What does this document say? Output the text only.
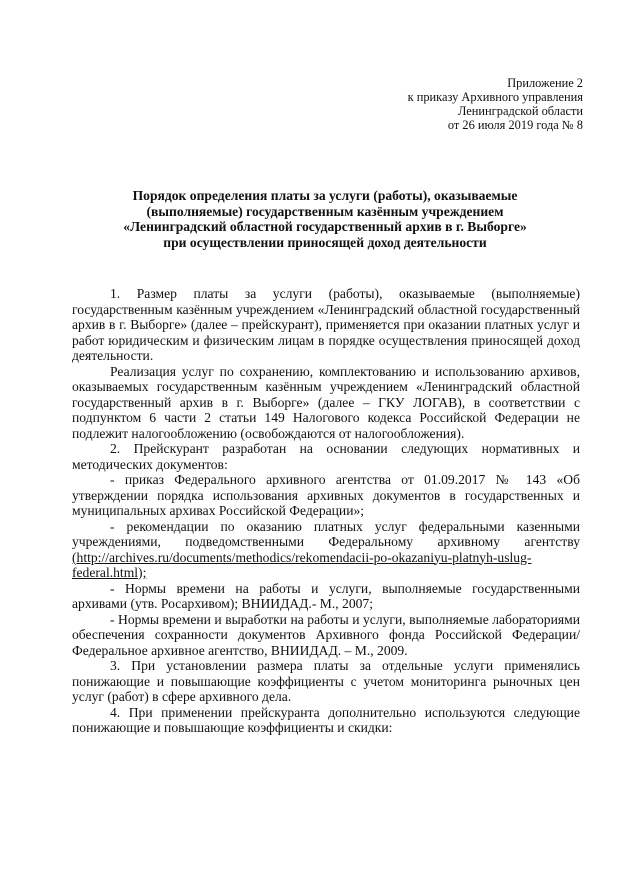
Приложение 2
к приказу Архивного управления
Ленинградской области
от 26 июля 2019 года № 8
Порядок определения платы за услуги (работы), оказываемые
(выполняемые) государственным казённым учреждением
«Ленинградский областной государственный архив в г. Выборге»
при осуществлении приносящей доход деятельности

1. Размер платы за услуги (работы), оказываемые (выполняемые) государственным казённым учреждением «Ленинградский областной государственный архив в г. Выборге» (далее – прейскурант), применяется при оказании платных услуг и работ юридическим и физическим лицам в порядке осуществления приносящей доход деятельности.

Реализация услуг по сохранению, комплектованию и использованию архивов, оказываемых государственным казённым учреждением «Ленинградский областной государственный архив в г. Выборге» (далее – ГКУ ЛОГАВ), в соответствии с подпунктом 6 части 2 статьи 149 Налогового кодекса Российской Федерации не подлежит налогообложению (освобождаются от налогообложения).

2. Прейскурант разработан на основании следующих нормативных и методических документов:

- приказ Федерального архивного агентства от 01.09.2017 № 143 «Об утверждении порядка использования архивных документов в государственных и муниципальных архивах Российской Федерации»;

- рекомендации по оказанию платных услуг федеральными казенными учреждениями, подведомственными Федеральному архивному агентству (http://archives.ru/documents/methodics/rekomendacii-po-okazaniyu-platnyh-uslug-federal.html);

- Нормы времени на работы и услуги, выполняемые государственными архивами (утв. Росархивом); ВНИИДАД.- М., 2007;

- Нормы времени и выработки на работы и услуги, выполняемые лабораториями обеспечения сохранности документов Архивного фонда Российской Федерации/Федеральное архивное агентство, ВНИИДАД. – М., 2009.

3. При установлении размера платы за отдельные услуги применялись понижающие и повышающие коэффициенты с учетом мониторинга рыночных цен услуг (работ) в сфере архивного дела.

4. При применении прейскуранта дополнительно используются следующие понижающие и повышающие коэффициенты и скидки:
